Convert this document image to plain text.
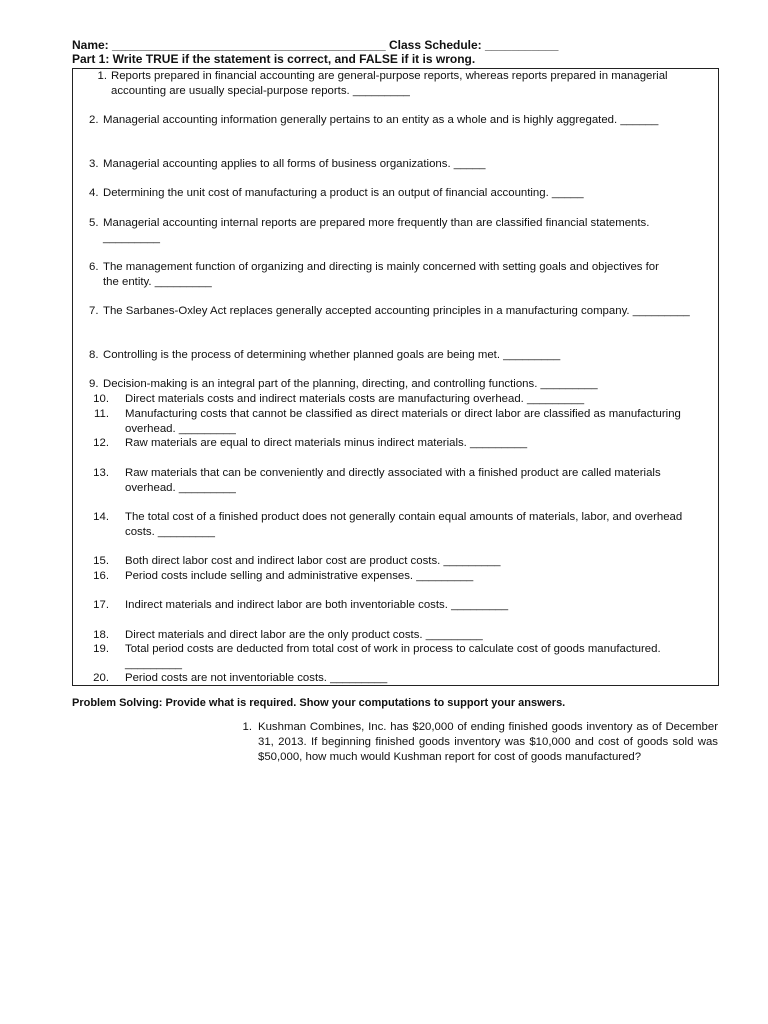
Name: _________________________________________ Class Schedule: ___________
Part 1: Write TRUE if the statement is correct, and FALSE if it is wrong.
1. Reports prepared in financial accounting are general-purpose reports, whereas reports prepared in managerial accounting are usually special-purpose reports. _________
2. Managerial accounting information generally pertains to an entity as a whole and is highly aggregated. ______
3. Managerial accounting applies to all forms of business organizations. _____
4. Determining the unit cost of manufacturing a product is an output of financial accounting. _____
5. Managerial accounting internal reports are prepared more frequently than are classified financial statements. _________
6. The management function of organizing and directing is mainly concerned with setting goals and objectives for the entity. _________
7. The Sarbanes-Oxley Act replaces generally accepted accounting principles in a manufacturing company. _________
8. Controlling is the process of determining whether planned goals are being met. _________
9. Decision-making is an integral part of the planning, directing, and controlling functions. _________
10. Direct materials costs and indirect materials costs are manufacturing overhead. _________
11. Manufacturing costs that cannot be classified as direct materials or direct labor are classified as manufacturing overhead. _________
12. Raw materials are equal to direct materials minus indirect materials. _________
13. Raw materials that can be conveniently and directly associated with a finished product are called materials overhead. _________
14. The total cost of a finished product does not generally contain equal amounts of materials, labor, and overhead costs. _________
15. Both direct labor cost and indirect labor cost are product costs. _________
16. Period costs include selling and administrative expenses. _________
17. Indirect materials and indirect labor are both inventoriable costs. _________
18. Direct materials and direct labor are the only product costs. _________
19. Total period costs are deducted from total cost of work in process to calculate cost of goods manufactured. _________
20. Period costs are not inventoriable costs. _________
Problem Solving: Provide what is required. Show your computations to support your answers.
1. Kushman Combines, Inc. has $20,000 of ending finished goods inventory as of December 31, 2013. If beginning finished goods inventory was $10,000 and cost of goods sold was $50,000, how much would Kushman report for cost of goods manufactured?
